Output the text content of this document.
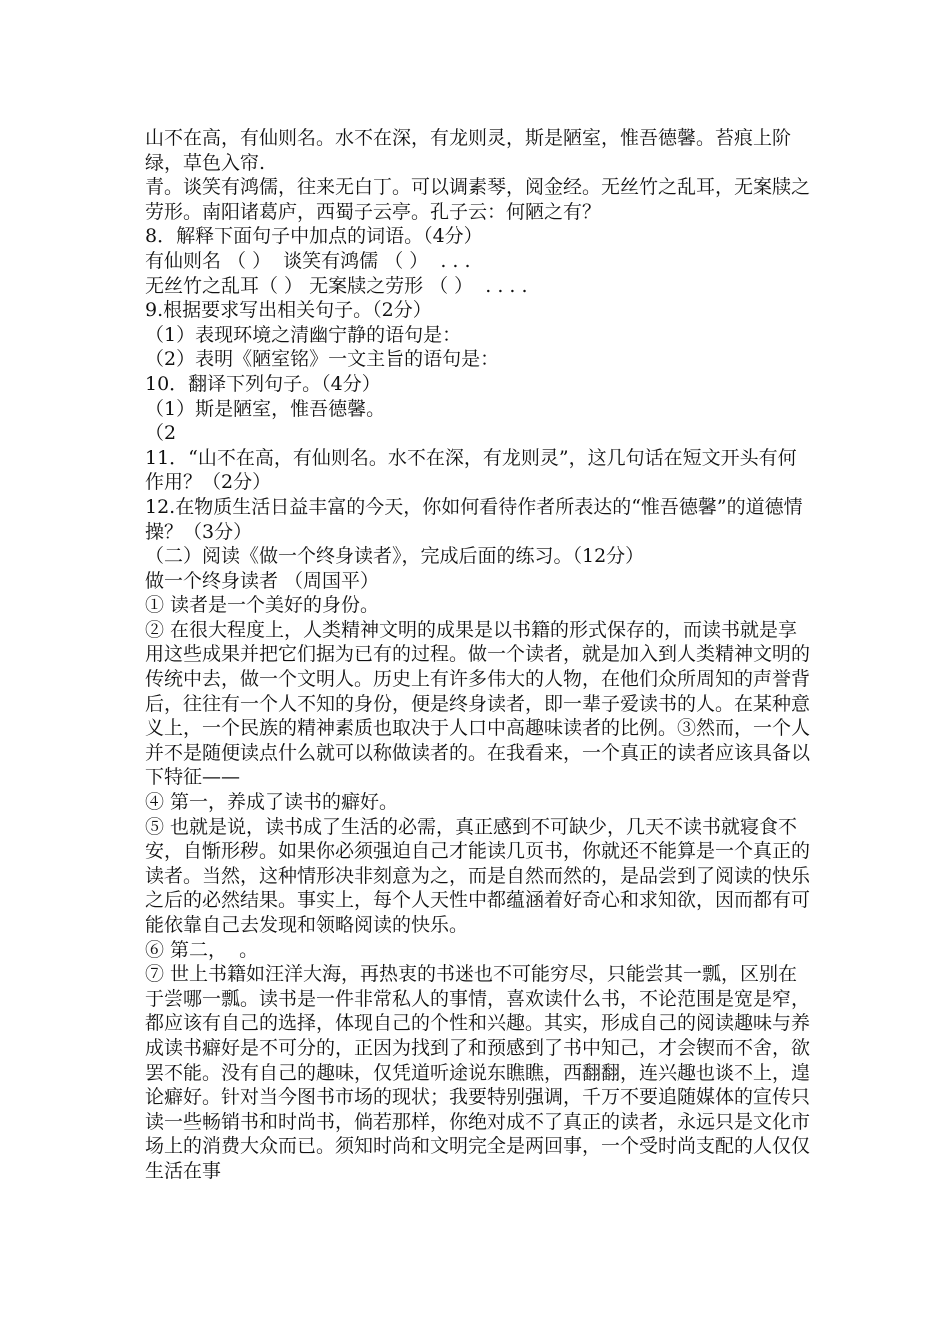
山不在高，有仙则名。水不在深，有龙则灵，斯是陋室，惟吾德馨。苔痕上阶绿，草色入帘.

青。谈笑有鸿儒，往来无白丁。可以调素琴，阅金经。无丝竹之乱耳，无案牍之劳形。南阳诸葛庐，西蜀子云亭。孔子云：何陋之有？

8．解释下面句子中加点的词语。（4分）

有仙则名 （ ）  谈笑有鸿儒 （ ）  . . .

无丝竹之乱耳（ ） 无案牍之劳形 （ ）  . . . .

9.根据要求写出相关句子。（2分）

（1）表现环境之清幽宁静的语句是：

（2）表明《陋室铭》一文主旨的语句是：

10．翻译下列句子。（4分）

（1）斯是陋室，惟吾德馨。

（2

11．“山不在高，有仙则名。水不在深，有龙则灵”，这几句话在短文开头有何作用？（2分）

12.在物质生活日益丰富的今天，你如何看待作者所表达的“惟吾德馨”的道德情操？（3分）

（二）阅读《做一个终身读者》，完成后面的练习。（12分）

做一个终身读者 （周国平）

① 读者是一个美好的身份。

② 在很大程度上，人类精神文明的成果是以书籍的形式保存的，而读书就是享用这些成果并把它们据为已有的过程。做一个读者，就是加入到人类精神文明的传统中去，做一个文明人。历史上有许多伟大的人物，在他们众所周知的声誉背后，往往有一个人不知的身份，便是终身读者，即一辈子爱读书的人。在某种意义上，一个民族的精神素质也取决于人口中高趣味读者的比例。③然而，一个人并不是随便读点什么就可以称做读者的。在我看来，一个真正的读者应该具备以下特征——

④ 第一，养成了读书的癖好。

⑤ 也就是说，读书成了生活的必需，真正感到不可缺少，几天不读书就寝食不安，自惭形秽。如果你必须强迫自己才能读几页书，你就还不能算是一个真正的读者。当然，这种情形决非刻意为之，而是自然而然的，是品尝到了阅读的快乐之后的必然结果。事实上，每个人天性中都蕴涵着好奇心和求知欲，因而都有可能依靠自己去发现和领略阅读的快乐。

⑥ 第二，  。

⑦ 世上书籍如汪洋大海，再热衷的书迷也不可能穷尽，只能尝其一瓢，区别在于尝哪一瓢。读书是一件非常私人的事情，喜欢读什么书，不论范围是宽是窄，都应该有自己的选择，体现自己的个性和兴趣。其实，形成自己的阅读趣味与养成读书癖好是不可分的，正因为找到了和预感到了书中知己，才会锲而不舍，欲罢不能。没有自己的趣味，仅凭道听途说东瞧瞧，西翻翻，连兴趣也谈不上，遑论癖好。针对当今图书市场的现状；我要特别强调，千万不要追随媒体的宣传只读一些畅销书和时尚书，倘若那样，你绝对成不了真正的读者，永远只是文化市场上的消费大众而已。须知时尚和文明完全是两回事，一个受时尚支配的人仅仅生活在事
